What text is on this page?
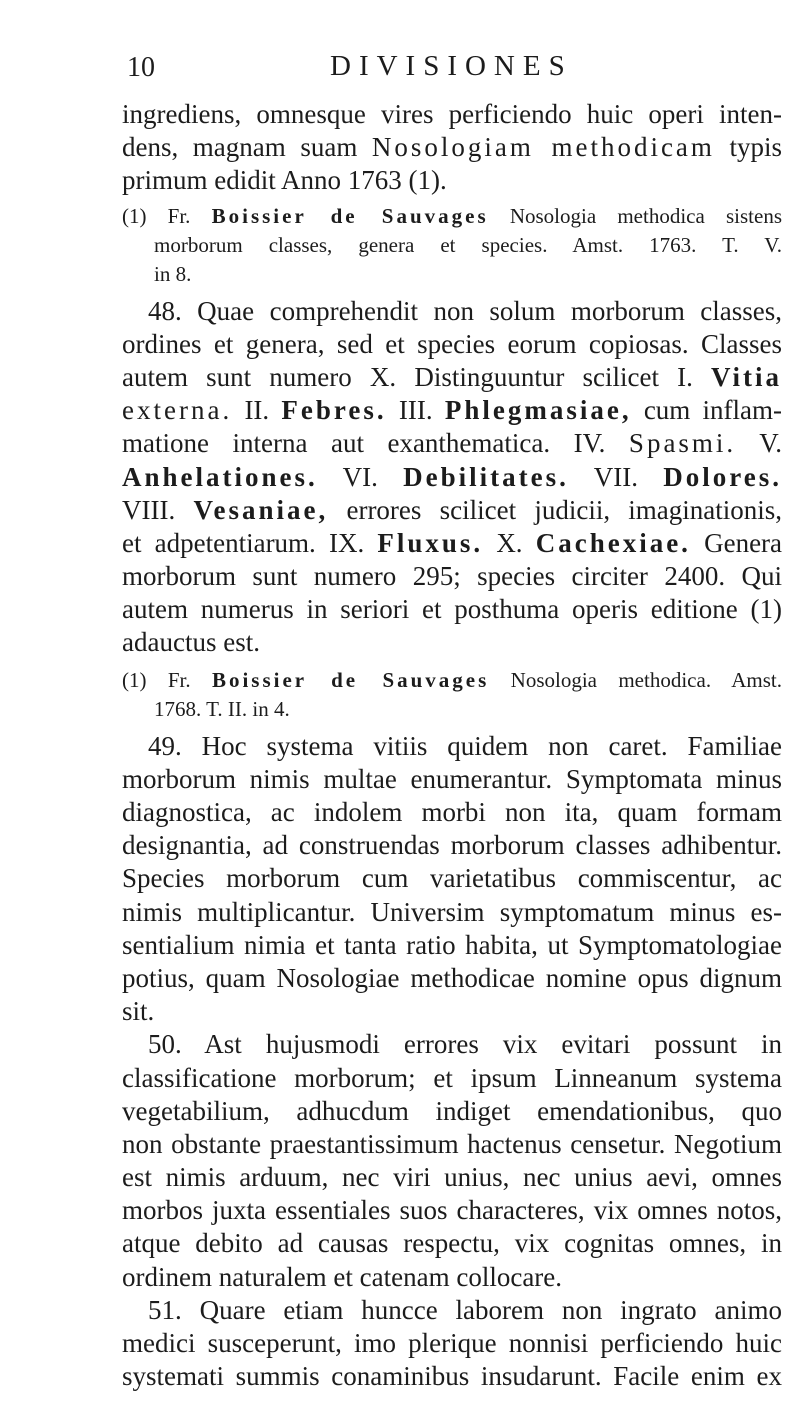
10	DIVISIONES
ingrediens, omnesque vires perficiendo huic operi inten-
dens, magnam suam Nosologiam methodicam typis
primum edidit Anno 1763 (1).
(1) Fr. Boissier de Sauvages Nosologia methodica sistens
morborum classes, genera et species. Amst. 1763. T. V.
in 8.
48. Quae comprehendit non solum morborum classes,
ordines et genera, sed et species eorum copiosas. Classes
autem sunt numero X. Distinguuntur scilicet I. Vitia
externa. II. Febres. III. Phlegmasiae, cum inflam-
matione interna aut exanthematica. IV. Spasmi. V.
Anhelationes. VI. Debilitates. VII. Dolores.
VIII. Vesaniae, errores scilicet judicii, imaginationis,
et adpetentiarum. IX. Fluxus. X. Cachexiae. Genera
morborum sunt numero 295; species circiter 2400. Qui
autem numerus in seriori et posthuma operis editione (1)
adauctus est.
(1) Fr. Boissier de Sauvages Nosologia methodica. Amst.
1768. T. II. in 4.
49. Hoc systema vitiis quidem non caret. Familiae
morborum nimis multae enumerantur. Symptomata minus
diagnostica, ac indolem morbi non ita, quam formam
designantia, ad construendas morborum classes adhibentur.
Species morborum cum varietatibus commiscentur, ac
nimis multiplicantur. Universim symptomatum minus es-
sentialium nimia et tanta ratio habita, ut Symptomatologiae
potius, quam Nosologiae methodicae nomine opus dignum
sit.
50. Ast hujusmodi errores vix evitari possunt in
classificatione morborum; et ipsum Linneanum systema
vegetabilium, adhucdum indiget emendationibus, quo
non obstante praestantissimum hactenus censetur. Negotium
est nimis arduum, nec viri unius, nec unius aevi, omnes
morbos juxta essentiales suos characteres, vix omnes notos,
atque debito ad causas respectu, vix cognitas omnes, in
ordinem naturalem et catenam collocare.
51. Quare etiam huncce laborem non ingrato animo
medici susceperunt, imo plerique nonnisi perficiendo huic
systemati summis conaminibus insudarunt. Facile enim ex
